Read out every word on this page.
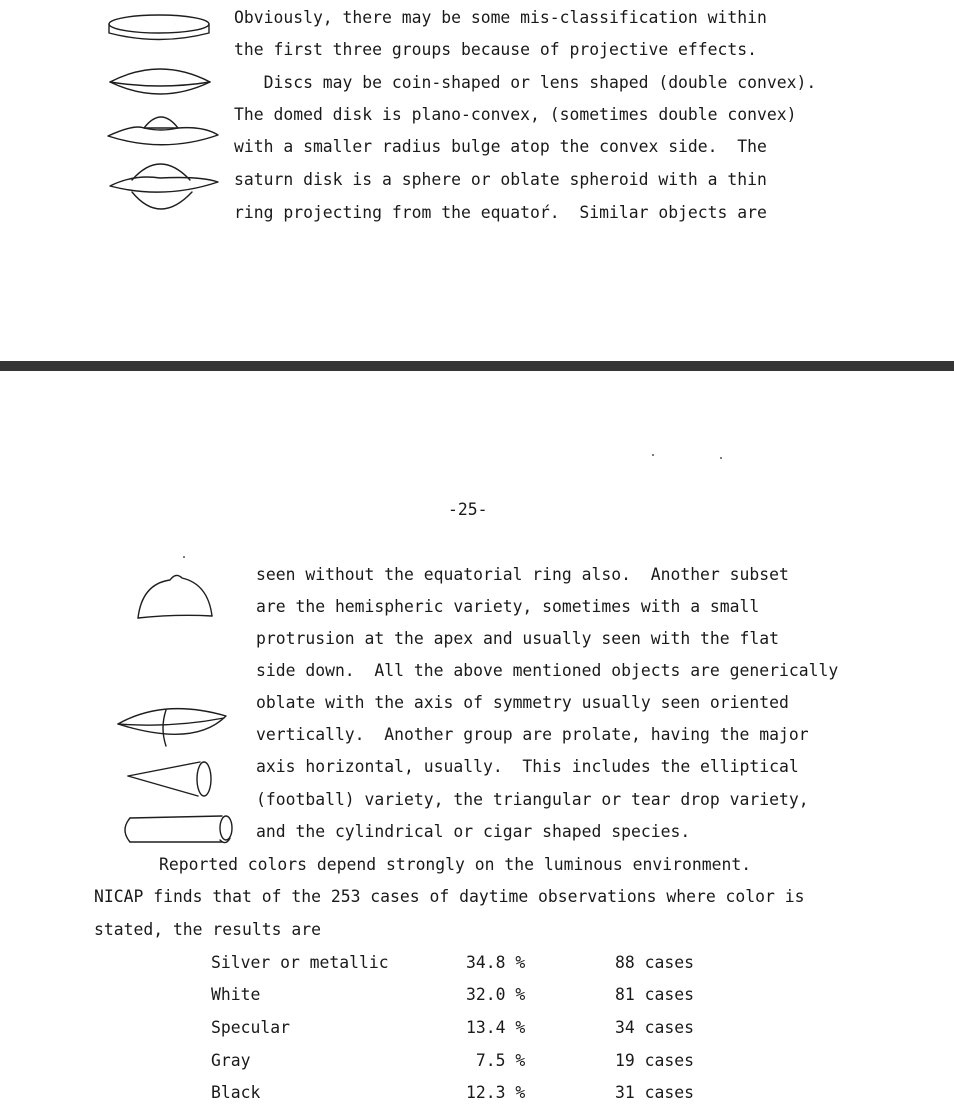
Obviously, there may be some mis-classification within
the first three groups because of projective effects.
Discs may be coin-shaped or lens shaped (double convex).
The domed disk is plano-convex, (sometimes double convex)
with a smaller radius bulge atop the convex side.  The
saturn disk is a sphere or oblate spheroid with a thin
ring projecting from the equatoŕ.  Similar objects are
-25-
seen without the equatorial ring also.  Another subset
are the hemispheric variety, sometimes with a small
protrusion at the apex and usually seen with the flat
side down.  All the above mentioned objects are generically
oblate with the axis of symmetry usually seen oriented
vertically.  Another group are prolate, having the major
axis horizontal, usually.  This includes the elliptical
(football) variety, the triangular or tear drop variety,
and the cylindrical or cigar shaped species.
Reported colors depend strongly on the luminous environment.
NICAP finds that of the 253 cases of daytime observations where color is
stated, the results are
Silver or metallic	34.8 %	88 cases
White	32.0 %	81 cases
Specular	13.4 %	34 cases
Gray	7.5 %	19 cases
Black	12.3 %	31 cases
